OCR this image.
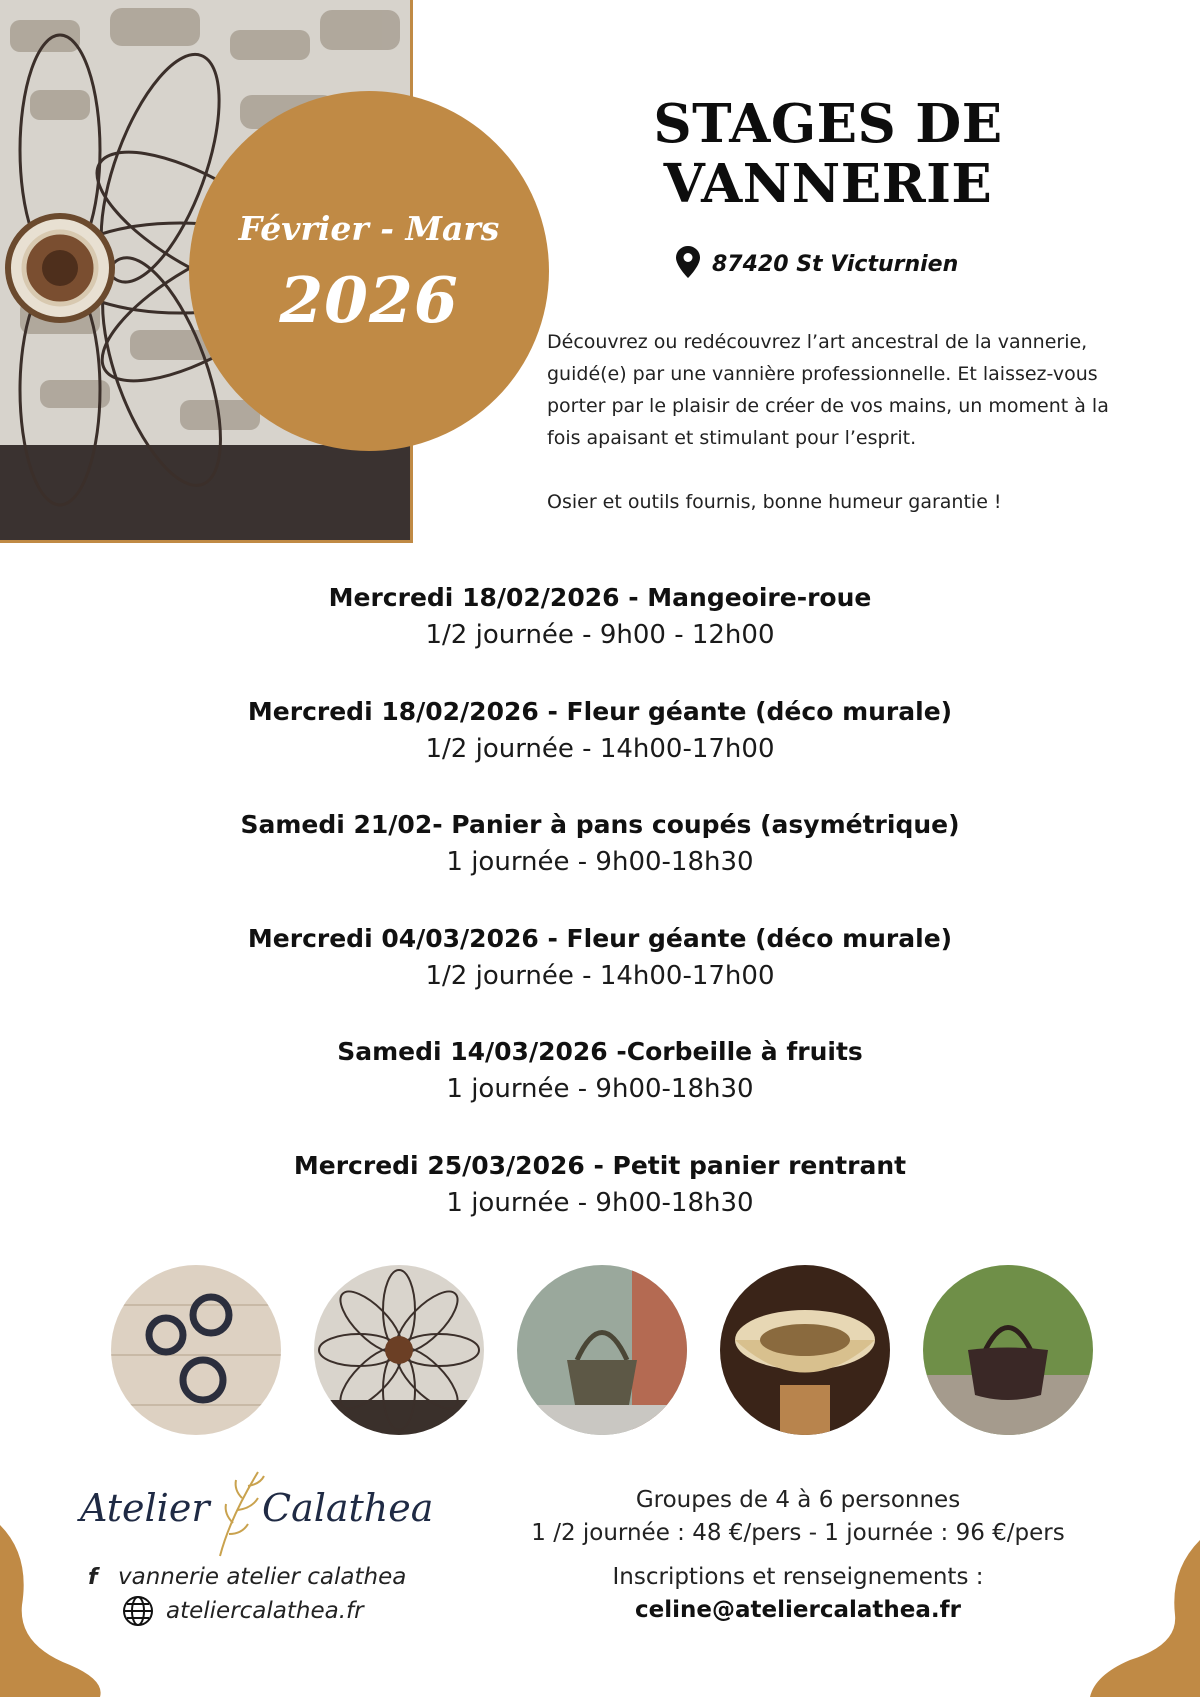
Février - Mars
2026
STAGES DE
VANNERIE
87420 St Victurnien

Découvrez ou redécouvrez l’art ancestral de la vannerie, guidé(e) par une vannière professionnelle. Et laissez-vous porter par le plaisir de créer de vos mains, un moment à la fois apaisant et stimulant pour l’esprit.

Osier et outils fournis, bonne humeur garantie !

Mercredi 18/02/2026 - Mangeoire-roue
1/2 journée - 9h00 - 12h00
Mercredi 18/02/2026 - Fleur géante (déco murale)
1/2 journée - 14h00-17h00
Samedi 21/02- Panier à pans coupés (asymétrique)
1 journée - 9h00-18h30
Mercredi 04/03/2026 - Fleur géante (déco murale)
1/2 journée - 14h00-17h00
Samedi 14/03/2026 -Corbeille à fruits
1 journée - 9h00-18h30
Mercredi 25/03/2026 - Petit panier rentrant
1 journée - 9h00-18h30
Atelier Calathea
f vannerie atelier calathea
ateliercalathea.fr
Groupes de 4 à 6 personnes
1 /2 journée : 48 €/pers - 1 journée : 96 €/pers
Inscriptions et renseignements :
celine@ateliercalathea.fr
